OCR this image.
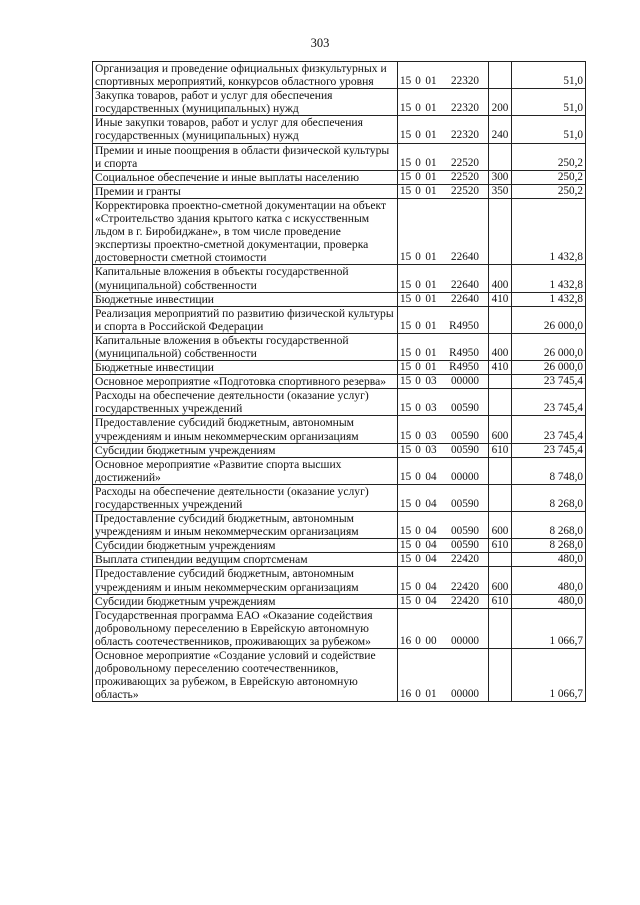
303
Организация и проведение официальных физкультурных и спортивных мероприятий, конкурсов областного уровня	15 0 01 22320		51,0
Закупка товаров, работ и услуг для обеспечения государственных (муниципальных) нужд	15 0 01 22320	200	51,0
Иные закупки товаров, работ и услуг для обеспечения государственных (муниципальных) нужд	15 0 01 22320	240	51,0
Премии и иные поощрения в области физической культуры и спорта	15 0 01 22520		250,2
Социальное обеспечение и иные выплаты населению	15 0 01 22520	300	250,2
Премии и гранты	15 0 01 22520	350	250,2
Корректировка проектно-сметной документации на объект «Строительство здания крытого катка с искусственным льдом в г. Биробиджане», в том числе проведение экспертизы проектно-сметной документации, проверка достоверности сметной стоимости	15 0 01 22640		1 432,8
Капитальные вложения в объекты государственной (муниципальной) собственности	15 0 01 22640	400	1 432,8
Бюджетные инвестиции	15 0 01 22640	410	1 432,8
Реализация мероприятий по развитию физической культуры и спорта в Российской Федерации	15 0 01 R4950		26 000,0
Капитальные вложения в объекты государственной (муниципальной) собственности	15 0 01 R4950	400	26 000,0
Бюджетные инвестиции	15 0 01 R4950	410	26 000,0
Основное мероприятие «Подготовка спортивного резерва»	15 0 03 00000		23 745,4
Расходы на обеспечение деятельности (оказание услуг) государственных учреждений	15 0 03 00590		23 745,4
Предоставление субсидий бюджетным, автономным учреждениям и иным некоммерческим организациям	15 0 03 00590	600	23 745,4
Субсидии бюджетным учреждениям	15 0 03 00590	610	23 745,4
Основное мероприятие «Развитие спорта высших достижений»	15 0 04 00000		8 748,0
Расходы на обеспечение деятельности (оказание услуг) государственных учреждений	15 0 04 00590		8 268,0
Предоставление субсидий бюджетным, автономным учреждениям и иным некоммерческим организациям	15 0 04 00590	600	8 268,0
Субсидии бюджетным учреждениям	15 0 04 00590	610	8 268,0
Выплата стипендии ведущим спортсменам	15 0 04 22420		480,0
Предоставление субсидий бюджетным, автономным учреждениям и иным некоммерческим организациям	15 0 04 22420	600	480,0
Субсидии бюджетным учреждениям	15 0 04 22420	610	480,0
Государственная программа ЕАО «Оказание содействия добровольному переселению в Еврейскую автономную область соотечественников, проживающих за рубежом»	16 0 00 00000		1 066,7
Основное мероприятие «Создание условий и содействие добровольному переселению соотечественников, проживающих за рубежом, в Еврейскую автономную область»	16 0 01 00000		1 066,7
